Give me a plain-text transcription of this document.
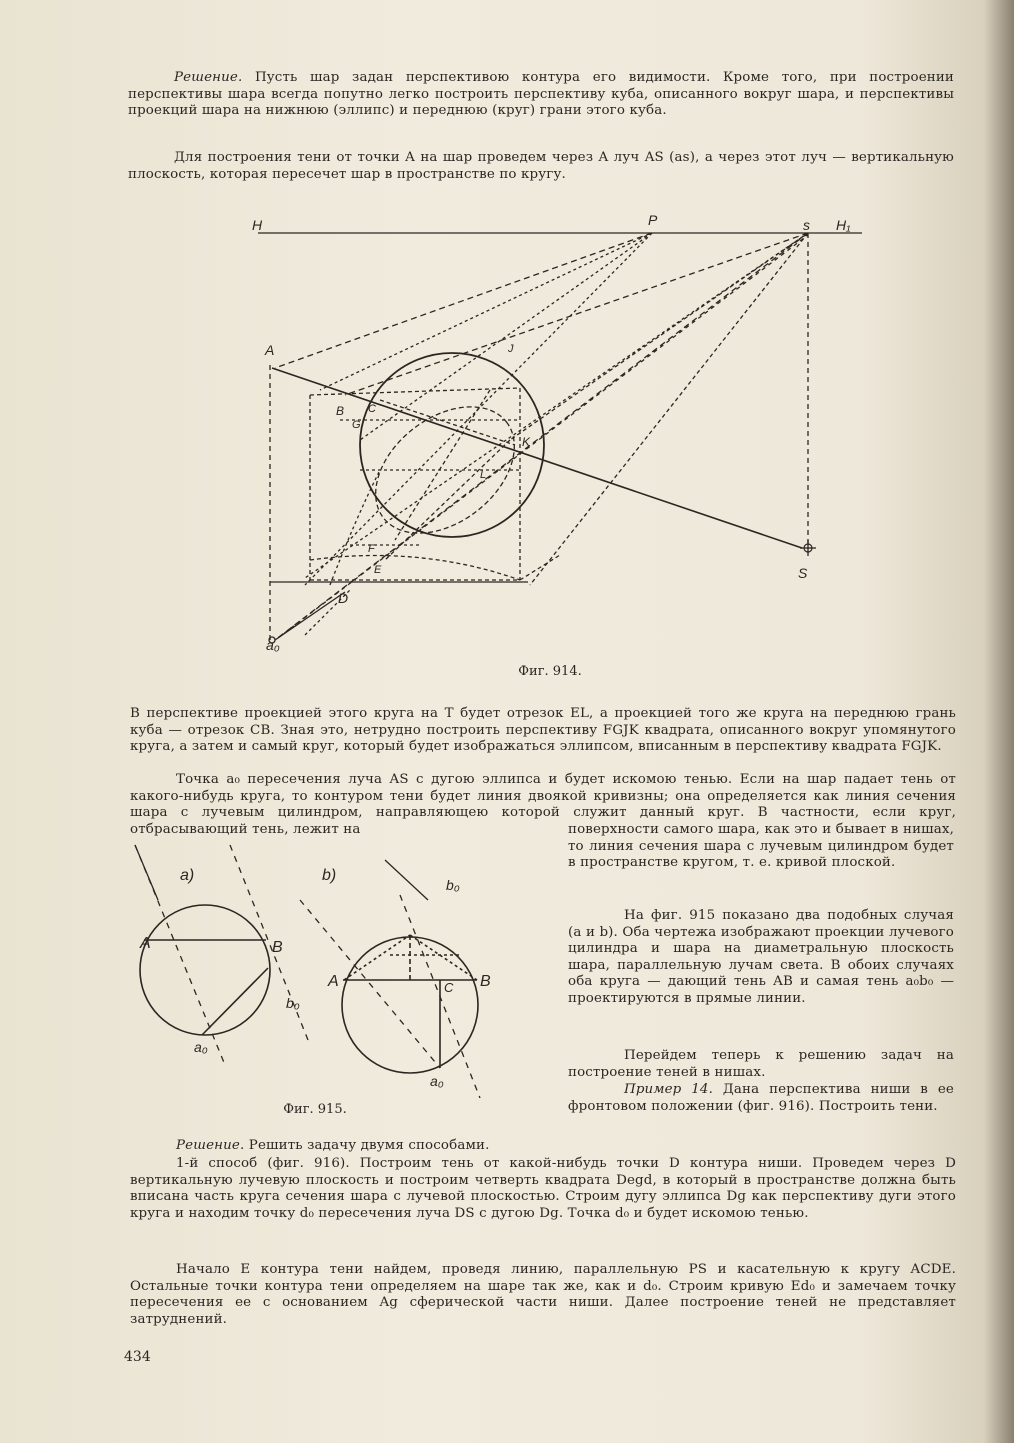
Решение. Пусть шар задан перспективою контура его видимости. Кроме того, при построении перспективы шара всегда попутно легко построить перспективу куба, описанного вокруг шара, и перспективы проекций шара на нижнюю (эллипс) и переднюю (круг) грани этого куба.

Для построения тени от точки A на шар проведем через A луч AS (as), а через этот луч — вертикальную плоскость, которая пересечет шар в пространстве по кругу.

H	P	s H₁
A
a₀
J
K
B C
G
L
F
E
D
S

Фиг. 914.

В перспективе проекцией этого круга на T будет отрезок EL, а проекцией того же круга на переднюю грань куба — отрезок CB. Зная это, нетрудно построить перспективу FGJK квадрата, описанного вокруг упомянутого круга, а затем и самый круг, который будет изображаться эллипсом, вписанным в перспективу квадрата FGJK.

Точка a₀ пересечения луча AS с дугою эллипса и будет искомою тенью. Если на шар падает тень от какого-нибудь круга, то контуром тени будет линия двоякой кривизны; она определяется как линия сечения шара с лучевым цилиндром, направляющею которой служит данный круг. В частности, если круг, отбрасывающий тень, лежит на

a)	b)
A	B
b₀
a₀
A	B
b₀
a₀
C

Фиг. 915.

поверхности самого шара, как это и бывает в нишах, то линия сечения шара с лучевым цилиндром будет в пространстве кругом, т. е. кривой плоской.

На фиг. 915 показано два подобных случая (a и b). Оба чертежа изображают проекции лучевого цилиндра и шара на диаметральную плоскость шара, параллельную лучам света. В обоих случаях оба круга — дающий тень AB и самая тень a₀b₀ — проектируются в прямые линии.

Перейдем теперь к решению задач на построение теней в нишах.

Пример 14. Дана перспектива ниши в ее фронтовом положении (фиг. 916). Построить тени.

Решение. Решить задачу двумя способами.

1-й способ (фиг. 916). Построим тень от какой-нибудь точки D контура ниши. Проведем через D вертикальную лучевую плоскость и построим четверть квадрата Degd, в который в пространстве должна быть вписана часть круга сечения шара с лучевой плоскостью. Строим дугу эллипса Dg как перспективу дуги этого круга и находим точку d₀ пересечения луча DS с дугою Dg. Точка d₀ и будет искомою тенью.

Начало E контура тени найдем, проведя линию, параллельную PS и касательную к кругу ACDE. Остальные точки контура тени определяем на шаре так же, как и d₀. Строим кривую Ed₀ и замечаем точку пересечения ее с основанием Ag сферической части ниши. Далее построение теней не представляет затруднений.

434
